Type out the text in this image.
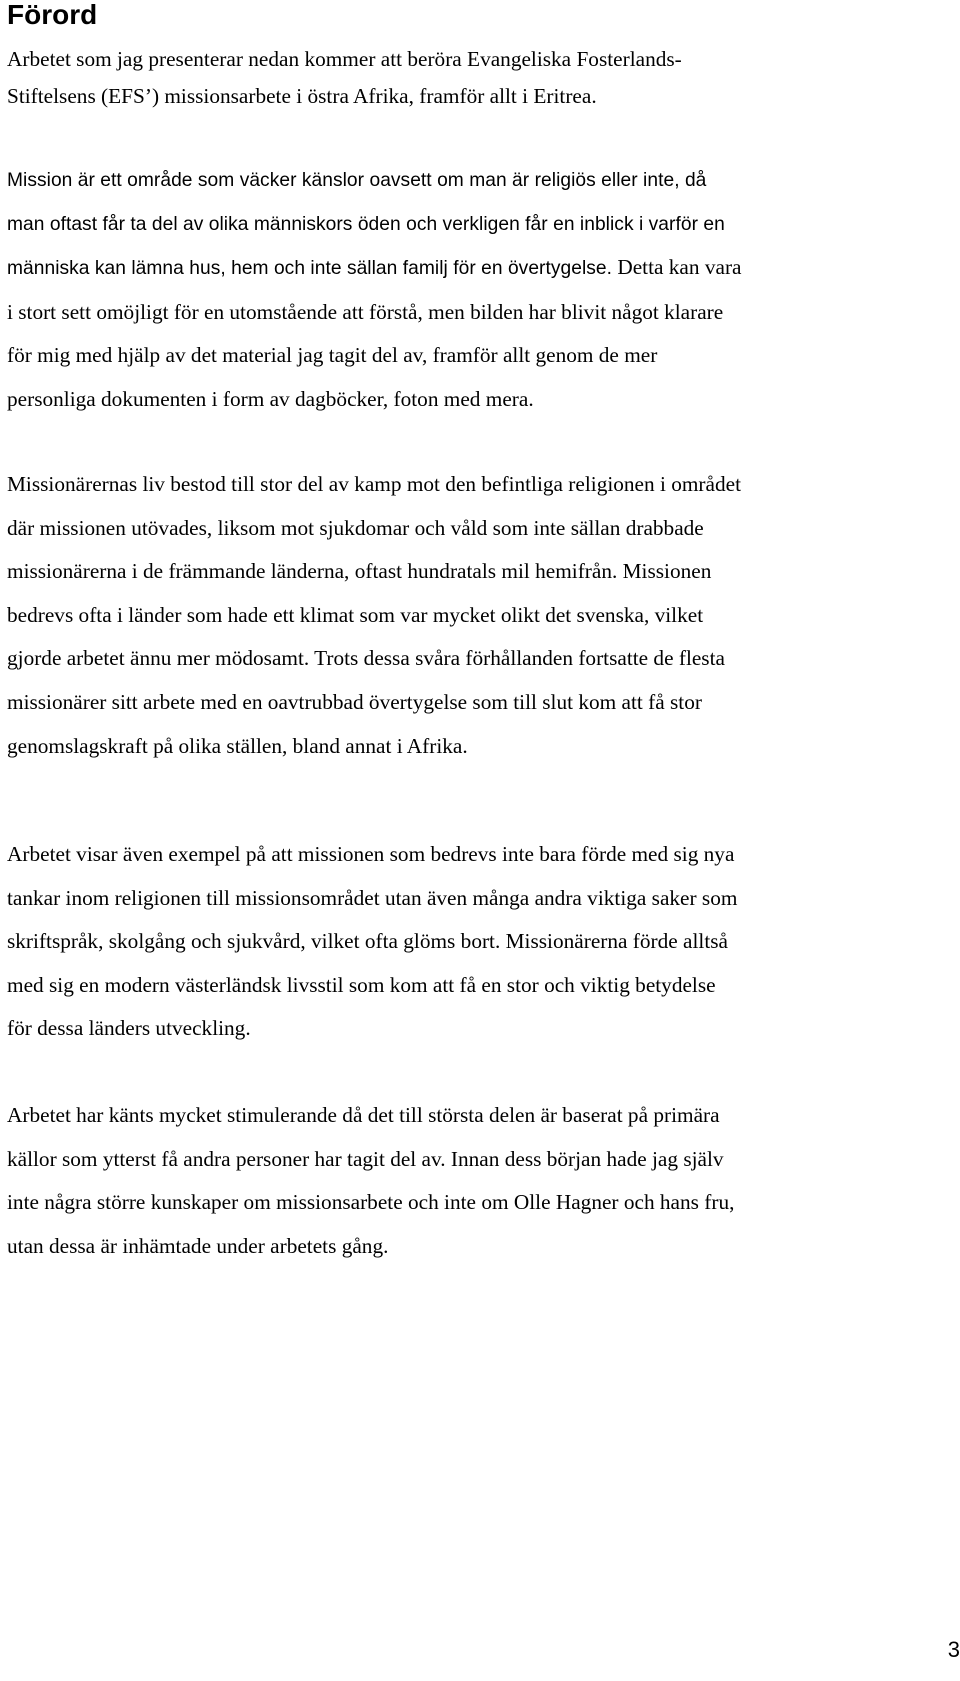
Förord
Arbetet som jag presenterar nedan kommer att beröra Evangeliska Fosterlands-
Stiftelsens (EFS’) missionsarbete i östra Afrika, framför allt i Eritrea.
Mission är ett område som väcker känslor oavsett om man är religiös eller inte, då
man oftast får ta del av olika människors öden och verkligen får en inblick i varför en
människa kan lämna hus, hem och inte sällan familj för en övertygelse. Detta kan vara
i stort sett omöjligt för en utomstående att förstå, men bilden har blivit något klarare
för mig med hjälp av det material jag tagit del av, framför allt genom de mer
personliga dokumenten i form av dagböcker, foton med mera.
Missionärernas liv bestod till stor del av kamp mot den befintliga religionen i området
där missionen utövades, liksom mot sjukdomar och våld som inte sällan drabbade
missionärerna i de främmande länderna, oftast hundratals mil hemifrån. Missionen
bedrevs ofta i länder som hade ett klimat som var mycket olikt det svenska, vilket
gjorde arbetet ännu mer mödosamt. Trots dessa svåra förhållanden fortsatte de flesta
missionärer sitt arbete med en oavtrubbad övertygelse som till slut kom att få stor
genomslagskraft på olika ställen, bland annat i Afrika.
Arbetet visar även exempel på att missionen som bedrevs inte bara förde med sig nya
tankar inom religionen till missionsområdet utan även många andra viktiga saker som
skriftspråk, skolgång och sjukvård, vilket ofta glöms bort. Missionärerna förde alltså
med sig en modern västerländsk livsstil som kom att få en stor och viktig betydelse
för dessa länders utveckling.
Arbetet har känts mycket stimulerande då det till största delen är baserat på primära
källor som ytterst få andra personer har tagit del av. Innan dess början hade jag själv
inte några större kunskaper om missionsarbete och inte om Olle Hagner och hans fru,
utan dessa är inhämtade under arbetets gång.
3
